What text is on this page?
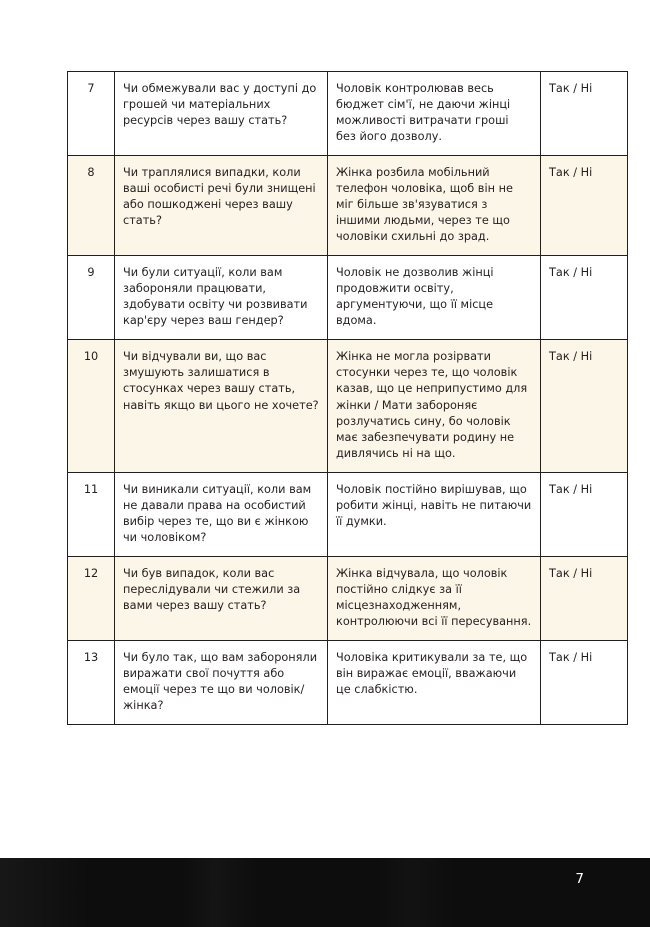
7	Чи обмежували вас у доступі до грошей чи матеріальних ресурсів через вашу стать?	Чоловік контролював весь бюджет сім'ї, не даючи жінці можливості витрачати гроші без його дозволу.	Так / Ні
8	Чи траплялися випадки, коли ваші особисті речі були знищені або пошкоджені через вашу стать?	Жінка розбила мобільний телефон чоловіка, щоб він не міг більше зв'язуватися з іншими людьми, через те що чоловіки схильні до зрад.	Так / Ні
9	Чи були ситуації, коли вам забороняли працювати, здобувати освіту чи розвивати кар'єру через ваш гендер?	Чоловік не дозволив жінці продовжити освіту, аргументуючи, що її місце вдома.	Так / Ні
10	Чи відчували ви, що вас змушують залишатися в стосунках через вашу стать, навіть якщо ви цього не хочете?	Жінка не могла розірвати стосунки через те, що чоловік казав, що це неприпустимо для жінки / Мати забороняє розлучатись сину, бо чоловік має забезпечувати родину не дивлячись ні на що.	Так / Ні
11	Чи виникали ситуації, коли вам не давали права на особистий вибір через те, що ви є жінкою чи чоловіком?	Чоловік постійно вирішував, що робити жінці, навіть не питаючи її думки.	Так / Ні
12	Чи був випадок, коли вас переслідували чи стежили за вами через вашу стать?	Жінка відчувала, що чоловік постійно слідкує за її місцезнаходженням, контролюючи всі її пересування.	Так / Ні
13	Чи було так, що вам забороняли виражати свої почуття або емоції через те що ви чоловік/жінка?	Чоловіка критикували за те, що він виражає емоції, вважаючи це слабкістю.	Так / Ні
7
